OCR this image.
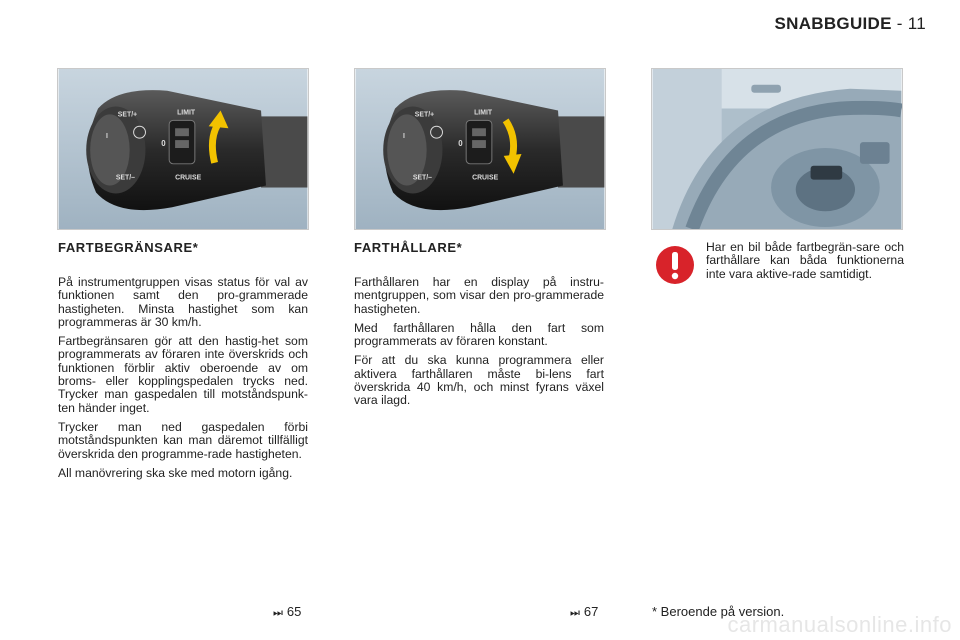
SNABBGUIDE - 11
SET/+
SET/–
LIMIT
CRUISE
0
I
SET/+
SET/–
LIMIT
CRUISE
0
I
FARTBEGRÄNSARE*

På instrumentgruppen visas status för val av funktionen samt den pro-grammerade hastigheten. Minsta hastighet som kan programmeras är 30 km/h.

Fartbegränsaren gör att den hastig-het som programmerats av föraren inte överskrids och funktionen förblir aktiv oberoende av om broms- eller kopplingspedalen trycks ned. Trycker man gaspedalen till motståndspunk-ten händer inget.

Trycker man ned gaspedalen förbi motståndspunkten kan man däremot tillfälligt överskrida den programme-rade hastigheten.

All manövrering ska ske med motorn igång.

FARTHÅLLARE*

Farthållaren har en display på instru-mentgruppen, som visar den pro-grammerade hastigheten.

Med farthållaren hålla den fart som programmerats av föraren konstant.

För att du ska kunna programmera eller aktivera farthållaren måste bi-lens fart överskrida 40 km/h, och minst fyrans växel vara ilagd.

Har en bil både fartbegrän-sare och farthållare kan båda funktionerna inte vara aktive-rade samtidigt.
⏭ 65	⏭ 67	* Beroende på version.
carmanualsonline.info
